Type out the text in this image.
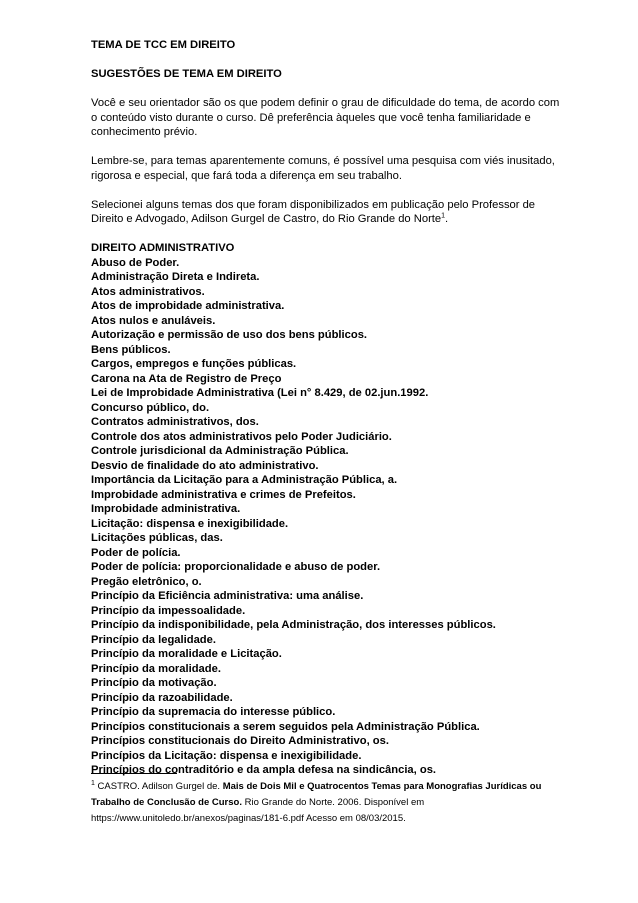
TEMA DE TCC EM DIREITO

SUGESTÕES DE TEMA EM DIREITO

Você e seu orientador são os que podem definir o grau de dificuldade do tema, de acordo com o conteúdo visto durante o curso. Dê preferência àqueles que você tenha familiaridade e conhecimento prévio.

Lembre-se, para temas aparentemente comuns, é possível uma pesquisa com viés inusitado, rigorosa e especial, que fará toda a diferença em seu trabalho.

Selecionei alguns temas dos que foram disponibilizados em publicação pelo Professor de Direito e Advogado, Adilson Gurgel de Castro, do Rio Grande do Norte$^1$.

DIREITO ADMINISTRATIVO

Abuso de Poder.
Administração Direta e Indireta.
Atos administrativos.
Atos de improbidade administrativa.
Atos nulos e anuláveis.
Autorização e permissão de uso dos bens públicos.
Bens públicos.
Cargos, empregos e funções públicas.
Carona na Ata de Registro de Preço
Lei de Improbidade Administrativa (Lei n° 8.429, de 02.jun.1992.
Concurso público, do.
Contratos administrativos, dos.
Controle dos atos administrativos pelo Poder Judiciário.
Controle jurisdicional da Administração Pública.
Desvio de finalidade do ato administrativo.
Importância da Licitação para a Administração Pública, a.
Improbidade administrativa e crimes de Prefeitos.
Improbidade administrativa.
Licitação: dispensa e inexigibilidade.
Licitações públicas, das.
Poder de polícia.
Poder de polícia: proporcionalidade e abuso de poder.
Pregão eletrônico, o.
Princípio da Eficiência administrativa: uma análise.
Princípio da impessoalidade.
Princípio da indisponibilidade, pela Administração, dos interesses públicos.
Princípio da legalidade.
Princípio da moralidade e Licitação.
Princípio da moralidade.
Princípio da motivação.
Princípio da razoabilidade.
Princípio da supremacia do interesse público.
Princípios constitucionais a serem seguidos pela Administração Pública.
Princípios constitucionais do Direito Administrativo, os.
Princípios da Licitação: dispensa e inexigibilidade.
Princípios do contraditório e da ampla defesa na sindicância, os.
$^1$ CASTRO. Adilson Gurgel de. Mais de Dois Mil e Quatrocentos Temas para Monografias Jurídicas ou Trabalho de Conclusão de Curso. Rio Grande do Norte. 2006. Disponível em https://www.unitoledo.br/anexos/paginas/181-6.pdf Acesso em 08/03/2015.
